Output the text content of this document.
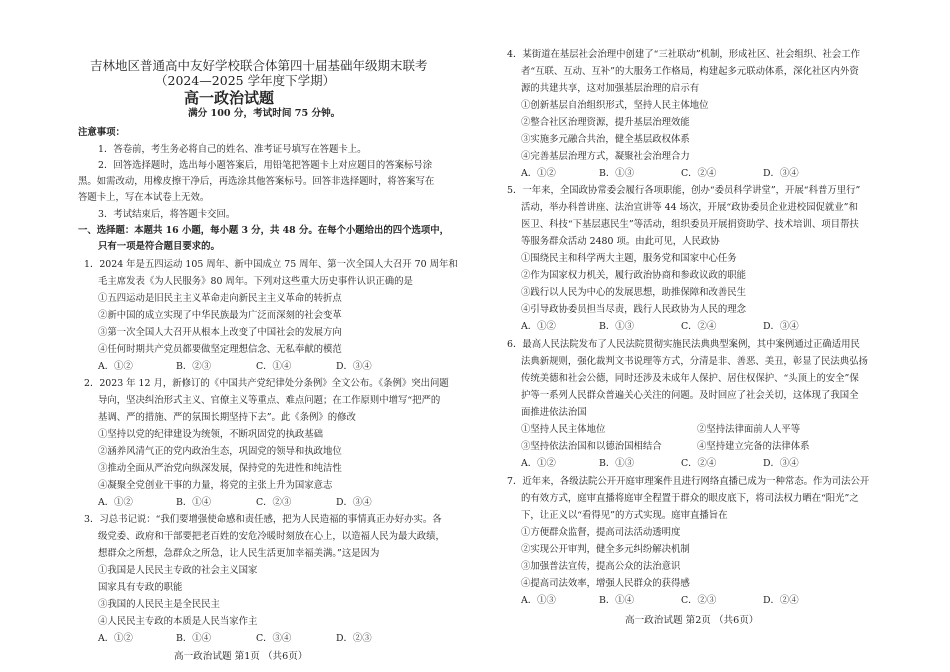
吉林地区普通高中友好学校联合体第四十届基础年级期末联考
（2024—2025 学年度下学期）
高一政治试题
满分 100 分，考试时间 75 分钟。
注意事项：
1．答卷前，考生务必将自己的姓名、准考证号填写在答题卡上。
2．回答选择题时，选出每小题答案后，用铅笔把答题卡上对应题目的答案标号涂
黑。如需改动，用橡皮擦干净后，再选涂其他答案标号。回答非选择题时，将答案写在
答题卡上，写在本试卷上无效。
3．考试结束后，将答题卡交回。
一、选择题：本题共 16 小题，每小题 3 分，共 48 分。在每个小题给出的四个选项中，
只有一项是符合题目要求的。
1．2024 年是五四运动 105 周年、新中国成立 75 周年、第一次全国人大召开 70 周年和
毛主席发表《为人民服务》80 周年。下列对这些重大历史事件认识正确的是
①五四运动是旧民主主义革命走向新民主主义革命的转折点
②新中国的成立实现了中华民族最为广泛而深刻的社会变革
③第一次全国人大召开从根本上改变了中国社会的发展方向
④任何时期共产党员都要做坚定理想信念、无私奉献的模范
A．①②	B．②③	C．①④	D．③④
2．2023 年 12 月，新修订的《中国共产党纪律处分条例》全文公布。《条例》突出问题
导向，坚决纠治形式主义、官僚主义等重点、难点问题；在工作原则中增写“把严的
基调、严的措施、严的氛围长期坚持下去”。此《条例》的修改
①坚持以党的纪律建设为统领，不断巩固党的执政基础
②涵养风清气正的党内政治生态，巩固党的领导和执政地位
③推动全面从严治党向纵深发展，保持党的先进性和纯洁性
④凝聚全党创业干事的力量，将党的主张上升为国家意志
A．①②	B．①④	C．②③	D．③④
3．习总书记说：“我们要增强使命感和责任感，把为人民造福的事情真正办好办实。各
级党委、政府和干部要把老百姓的安危冷暖时刻放在心上，以造福人民为最大政绩，
想群众之所想，急群众之所急，让人民生活更加幸福美满。”这是因为
①我国是人民民主专政的社会主义国家
国家具有专政的职能
③我国的人民民主是全民民主
④人民民主专政的本质是人民当家作主
A．①②	B．①④	C．③④	D．②③
高一政治试题 第1页 （共6页）
4．某街道在基层社会治理中创建了“三社联动”机制，形成社区、社会组织、社会工作
者“互联、互动、互补”的大服务工作格局，构建起多元联动体系，深化社区内外资
源的共建共享，这对加强基层治理的启示有
①创新基层自治组织形式，坚持人民主体地位
②整合社区治理资源，提升基层治理效能
③实施多元融合共治，健全基层政权体系
④完善基层治理方式，凝聚社会治理合力
A．①②	B．①③	C．②④	D．③④
5．一年来，全国政协常委会履行各项职能，创办“委员科学讲堂”，开展“科普万里行”
活动，举办科普讲座、法治宣讲等 44 场次，开展“政协委员企业进校园促就业”和
医卫、科技“下基层惠民生”等活动，组织委员开展捐资助学、技术培训、项目帮扶
等服务群众活动 2480 项。由此可见，人民政协
①围绕民主和科学两大主题，服务党和国家中心任务
②作为国家权力机关，履行政治协商和参政议政的职能
③践行以人民为中心的发展思想，助推保障和改善民生
④引导政协委员担当尽责，践行人民政协为人民的理念
A．①②	B．①③	C．②④	D．③④
6．最高人民法院发布了人民法院贯彻实施民法典典型案例，其中案例通过正确适用民
法典新规则，强化裁判文书说理等方式，分清是非、善恶、美丑，彰显了民法典弘扬
传统美德和社会公德，同时还涉及未成年人保护、居住权保护、“头顶上的安全”保
护等一系列人民群众普遍关心关注的问题。及时回应了社会关切，这体现了我国全
面推进依法治国
①坚持人民主体地位	②坚持法律面前人人平等
③坚持依法治国和以德治国相结合	④坚持建立完备的法律体系
A．①②	B．①③	C．②④	D．③④
7．近年来，各级法院公开开庭审理案件且进行网络直播已成为一种常态。作为司法公开
的有效方式，庭审直播将庭审全程置于群众的眼皮底下，将司法权力晒在“阳光”之
下，让正义以“看得见”的方式实现。庭审直播旨在
①方便群众监督，提高司法活动透明度
②实现公开审判，健全多元纠纷解决机制
③加强普法宣传，提高公众的法治意识
④提高司法效率，增强人民群众的获得感
A．①③	B．①④	C．②③	D．②④
高一政治试题 第2页 （共6页）
